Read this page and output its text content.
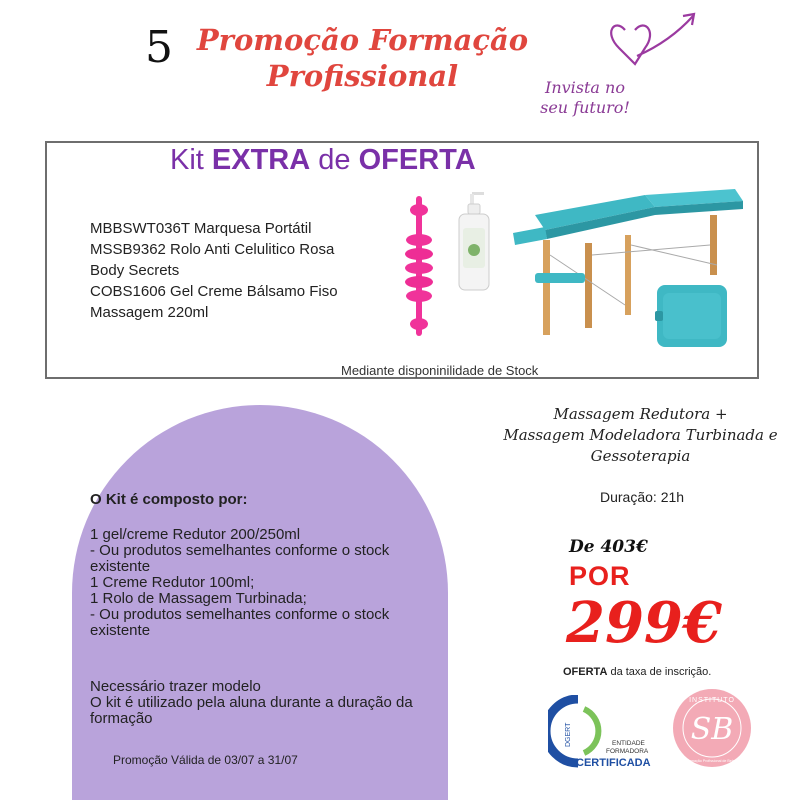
5 Promoção Formação
Profissional	Invista no
seu futuro!
Kit EXTRA de OFERTA
MBBSWT036T Marquesa Portátil
MSSB9362 Rolo Anti Celulitico Rosa
Body Secrets
COBS1606 Gel Creme Bálsamo Fiso
Massagem 220ml
Mediante disponinilidade de Stock
O Kit é composto por:
1 gel/creme Redutor 200/250ml
- Ou produtos semelhantes conforme o stock existente
1 Creme Redutor 100ml;
1 Rolo de Massagem Turbinada;
- Ou produtos semelhantes conforme o stock existente
Necessário trazer modelo
O kit é utilizado pela aluna durante a duração da formação
Promoção Válida de 03/07 a 31/07
Massagem Redutora +
Massagem Modeladora Turbinada e
Gessoterapia
Duração: 21h
De 403€
POR
299€
OFERTA da taxa de inscrição.
DGERT	ENTIDADE
FORMADORA
CERTIFICADA
SB
INSTITUTO
Formação Profissional de Beleza
